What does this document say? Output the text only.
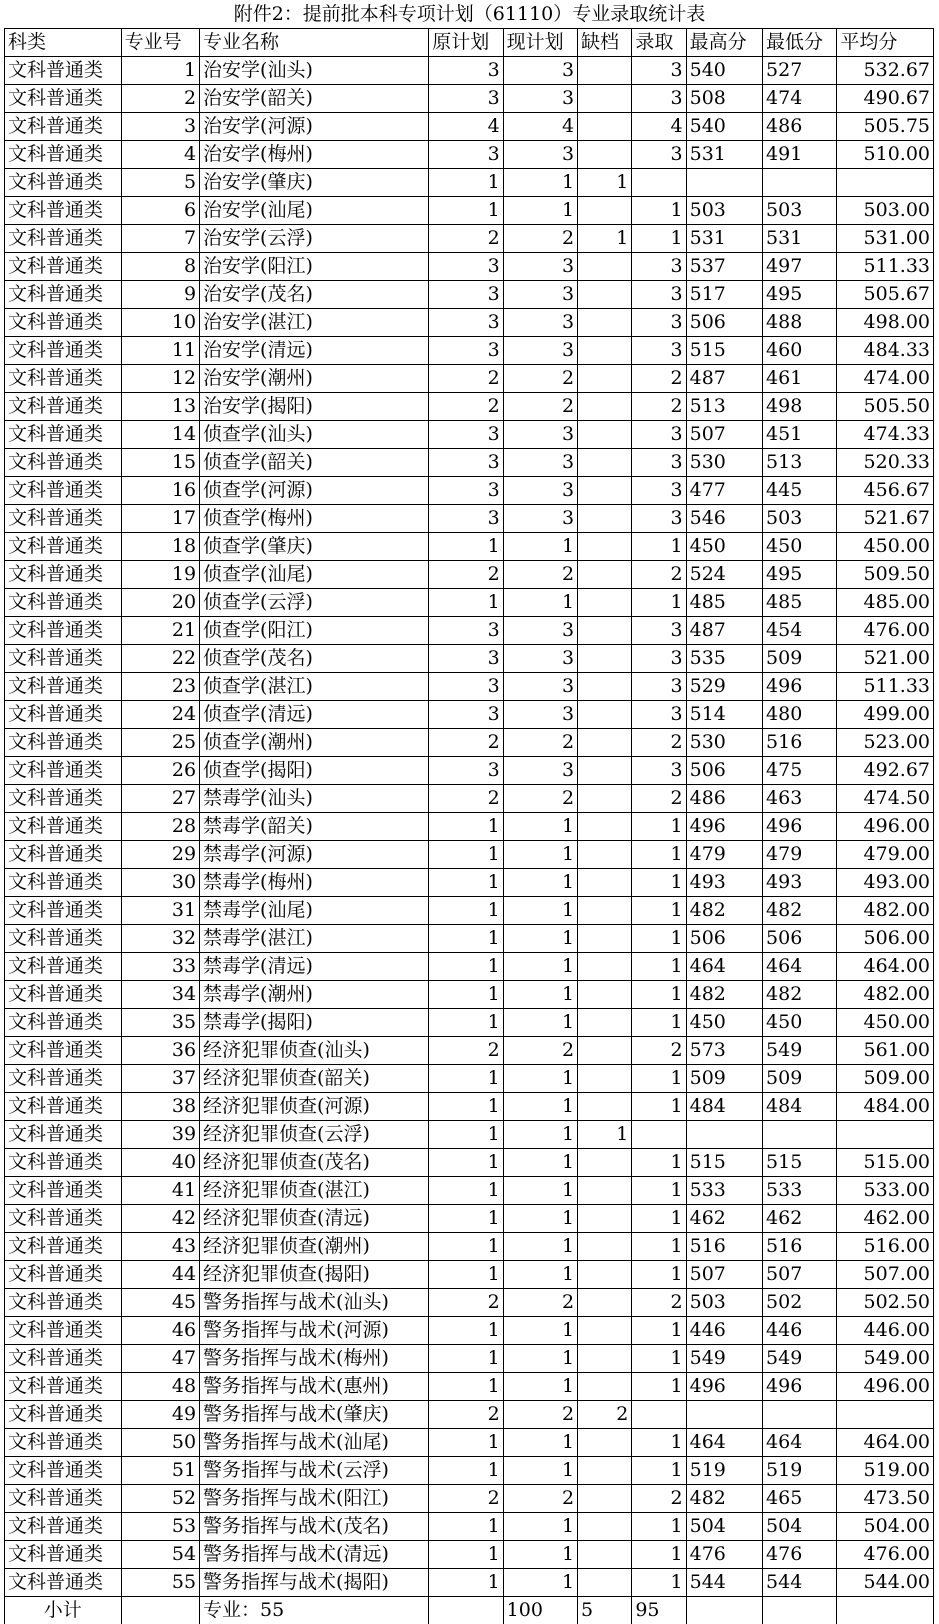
附件2：提前批本科专项计划（61110）专业录取统计表
科类	专业号	专业名称	原计划	现计划	缺档	录取	最高分	最低分	平均分
文科普通类	1	治安学(汕头)	3	3		3	540	527	532.67
文科普通类	2	治安学(韶关)	3	3		3	508	474	490.67
文科普通类	3	治安学(河源)	4	4		4	540	486	505.75
文科普通类	4	治安学(梅州)	3	3		3	531	491	510.00
文科普通类	5	治安学(肇庆)	1	1	1				
文科普通类	6	治安学(汕尾)	1	1		1	503	503	503.00
文科普通类	7	治安学(云浮)	2	2	1	1	531	531	531.00
文科普通类	8	治安学(阳江)	3	3		3	537	497	511.33
文科普通类	9	治安学(茂名)	3	3		3	517	495	505.67
文科普通类	10	治安学(湛江)	3	3		3	506	488	498.00
文科普通类	11	治安学(清远)	3	3		3	515	460	484.33
文科普通类	12	治安学(潮州)	2	2		2	487	461	474.00
文科普通类	13	治安学(揭阳)	2	2		2	513	498	505.50
文科普通类	14	侦查学(汕头)	3	3		3	507	451	474.33
文科普通类	15	侦查学(韶关)	3	3		3	530	513	520.33
文科普通类	16	侦查学(河源)	3	3		3	477	445	456.67
文科普通类	17	侦查学(梅州)	3	3		3	546	503	521.67
文科普通类	18	侦查学(肇庆)	1	1		1	450	450	450.00
文科普通类	19	侦查学(汕尾)	2	2		2	524	495	509.50
文科普通类	20	侦查学(云浮)	1	1		1	485	485	485.00
文科普通类	21	侦查学(阳江)	3	3		3	487	454	476.00
文科普通类	22	侦查学(茂名)	3	3		3	535	509	521.00
文科普通类	23	侦查学(湛江)	3	3		3	529	496	511.33
文科普通类	24	侦查学(清远)	3	3		3	514	480	499.00
文科普通类	25	侦查学(潮州)	2	2		2	530	516	523.00
文科普通类	26	侦查学(揭阳)	3	3		3	506	475	492.67
文科普通类	27	禁毒学(汕头)	2	2		2	486	463	474.50
文科普通类	28	禁毒学(韶关)	1	1		1	496	496	496.00
文科普通类	29	禁毒学(河源)	1	1		1	479	479	479.00
文科普通类	30	禁毒学(梅州)	1	1		1	493	493	493.00
文科普通类	31	禁毒学(汕尾)	1	1		1	482	482	482.00
文科普通类	32	禁毒学(湛江)	1	1		1	506	506	506.00
文科普通类	33	禁毒学(清远)	1	1		1	464	464	464.00
文科普通类	34	禁毒学(潮州)	1	1		1	482	482	482.00
文科普通类	35	禁毒学(揭阳)	1	1		1	450	450	450.00
文科普通类	36	经济犯罪侦查(汕头)	2	2		2	573	549	561.00
文科普通类	37	经济犯罪侦查(韶关)	1	1		1	509	509	509.00
文科普通类	38	经济犯罪侦查(河源)	1	1		1	484	484	484.00
文科普通类	39	经济犯罪侦查(云浮)	1	1	1				
文科普通类	40	经济犯罪侦查(茂名)	1	1		1	515	515	515.00
文科普通类	41	经济犯罪侦查(湛江)	1	1		1	533	533	533.00
文科普通类	42	经济犯罪侦查(清远)	1	1		1	462	462	462.00
文科普通类	43	经济犯罪侦查(潮州)	1	1		1	516	516	516.00
文科普通类	44	经济犯罪侦查(揭阳)	1	1		1	507	507	507.00
文科普通类	45	警务指挥与战术(汕头)	2	2		2	503	502	502.50
文科普通类	46	警务指挥与战术(河源)	1	1		1	446	446	446.00
文科普通类	47	警务指挥与战术(梅州)	1	1		1	549	549	549.00
文科普通类	48	警务指挥与战术(惠州)	1	1		1	496	496	496.00
文科普通类	49	警务指挥与战术(肇庆)	2	2	2				
文科普通类	50	警务指挥与战术(汕尾)	1	1		1	464	464	464.00
文科普通类	51	警务指挥与战术(云浮)	1	1		1	519	519	519.00
文科普通类	52	警务指挥与战术(阳江)	2	2		2	482	465	473.50
文科普通类	53	警务指挥与战术(茂名)	1	1		1	504	504	504.00
文科普通类	54	警务指挥与战术(清远)	1	1		1	476	476	476.00
文科普通类	55	警务指挥与战术(揭阳)	1	1		1	544	544	544.00
小计		专业：55		100	5	95			
